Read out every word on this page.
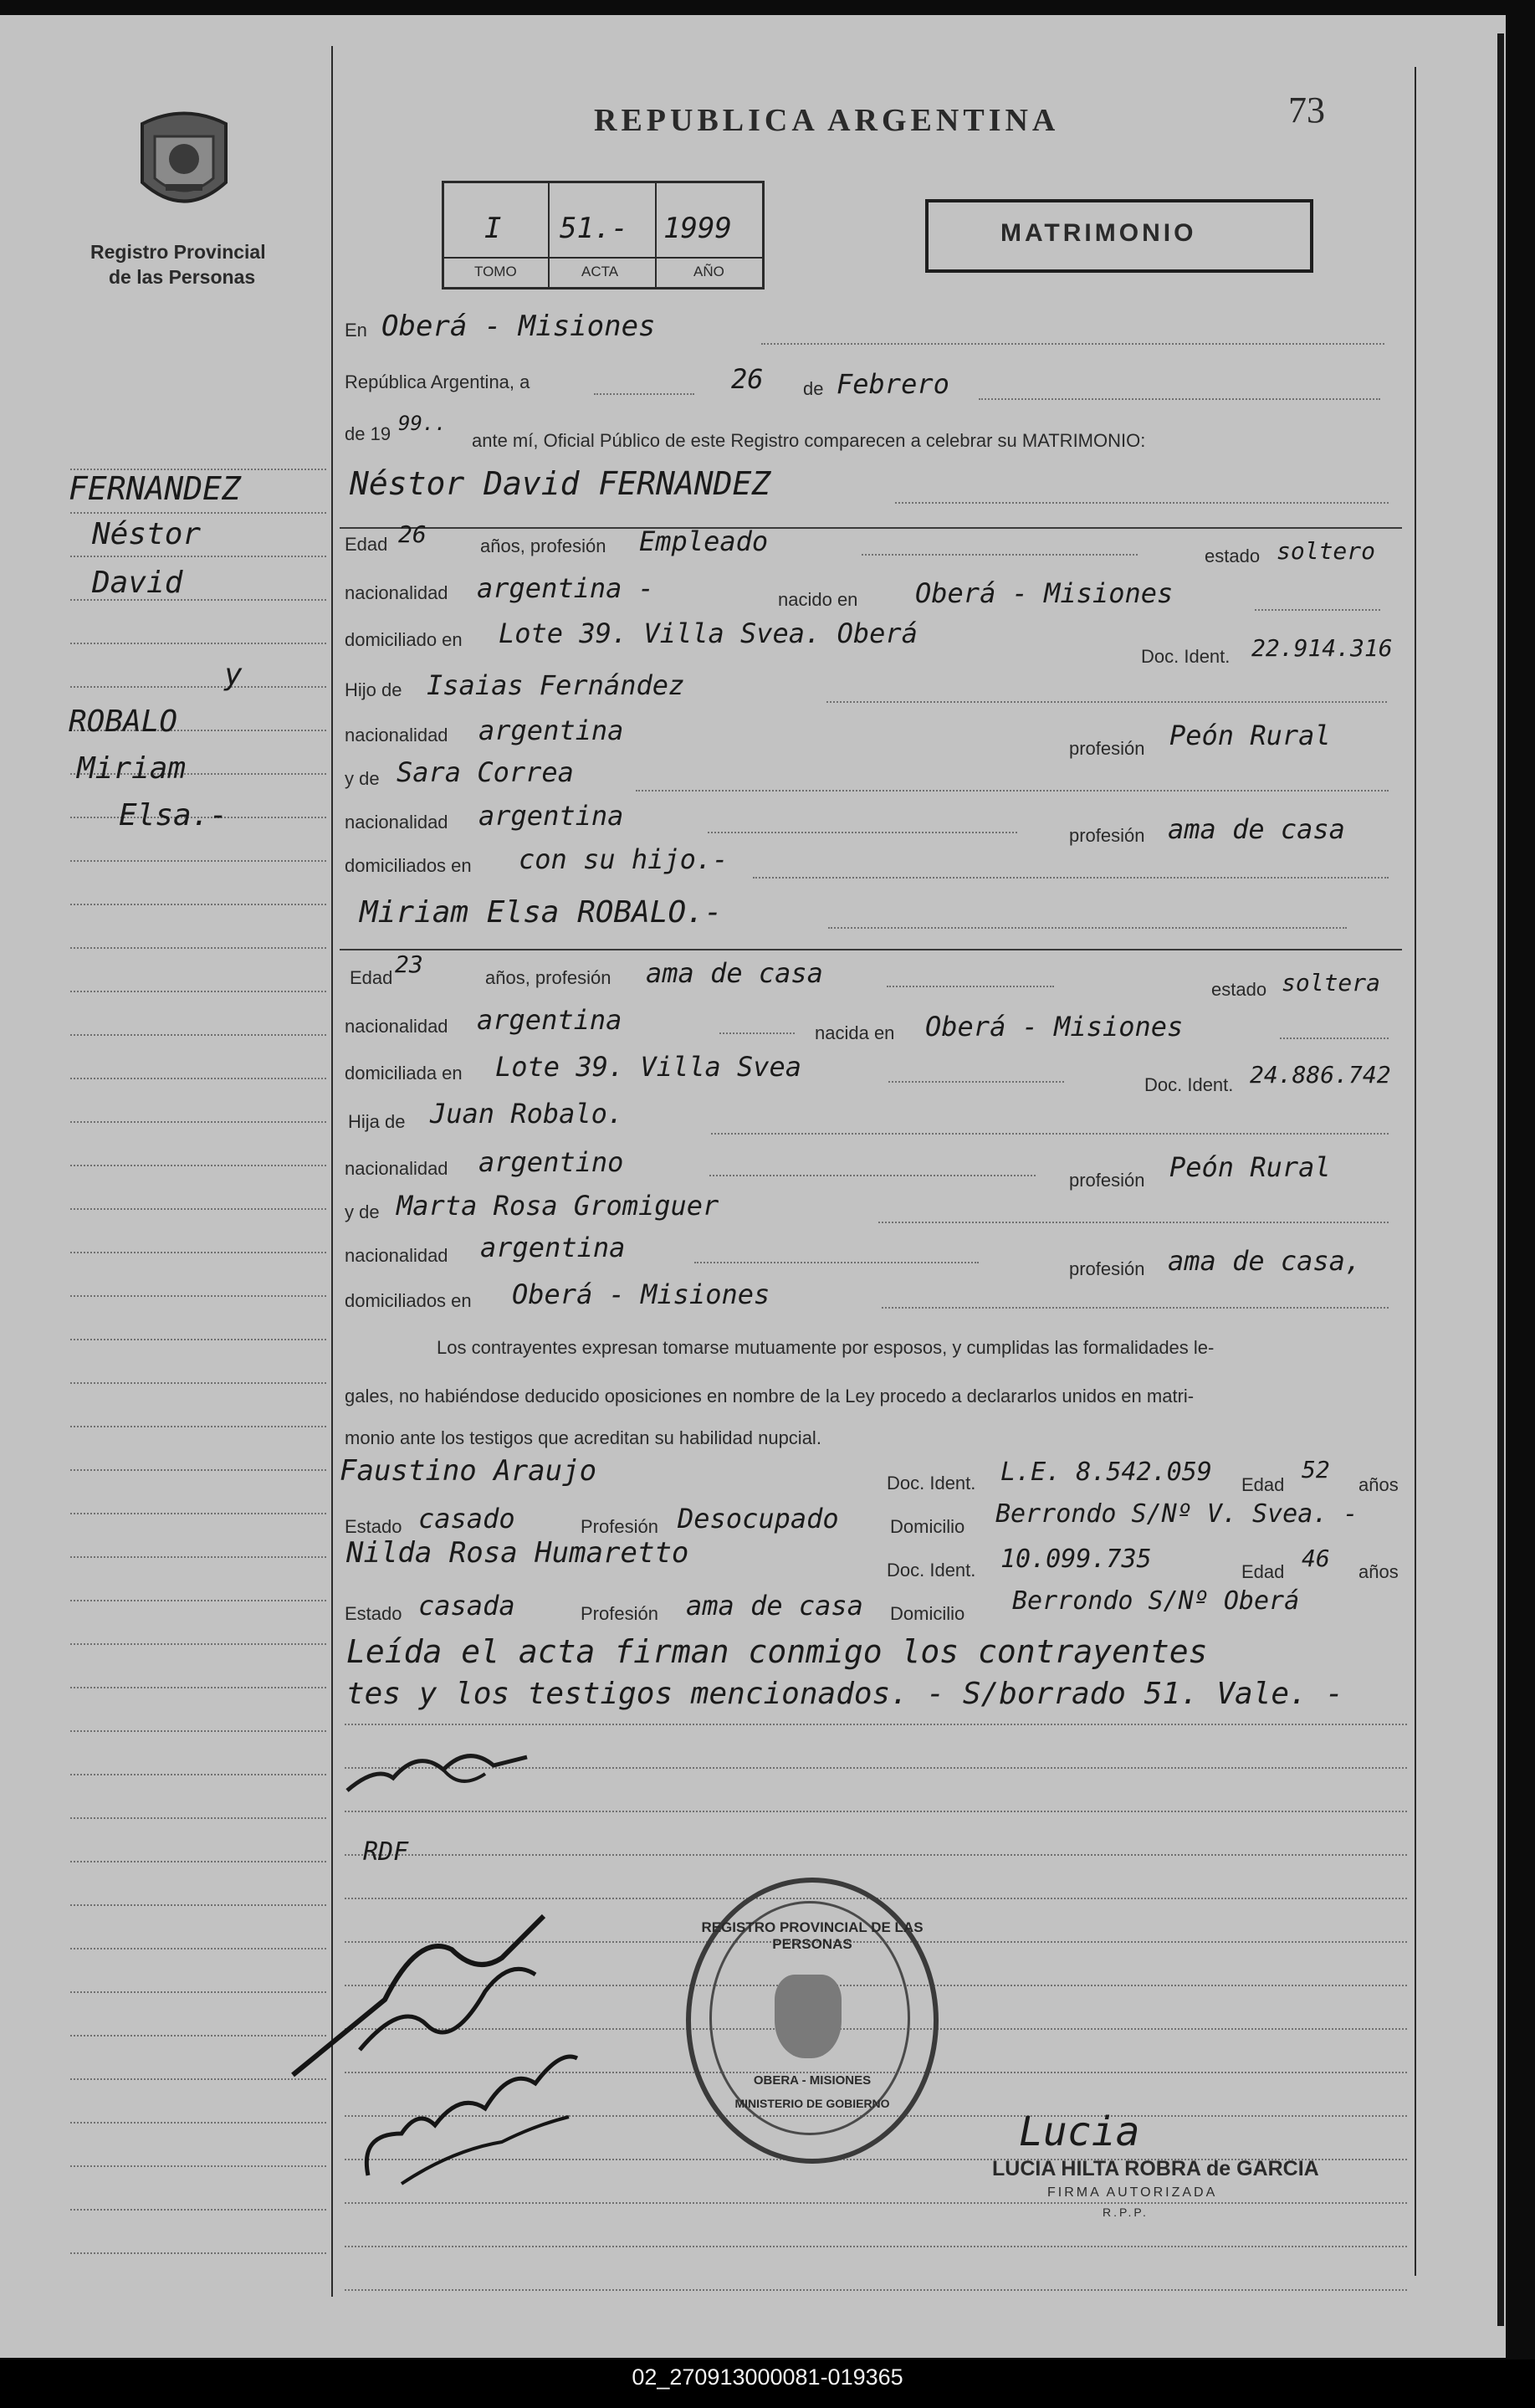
Registro Provincial
de las Personas
REPUBLICA ARGENTINA	73
I
TOMO
51.-
ACTA
1999
AÑO
MATRIMONIO
FERNANDEZ
Néstor
David
y
ROBALO
Miriam
Elsa.-
En Oberá - Misiones
República Argentina, a	26 de Febrero
de 19 99..
ante mí, Oficial Público de este Registro comparecen a celebrar su MATRIMONIO:
Néstor David FERNANDEZ
Edad 26	años, profesión Empleado	estado soltero
nacionalidad argentina -	nacido en Oberá - Misiones
domiciliado en Lote 39. Villa Svea. Oberá
Doc. Ident. 22.914.316
Hijo de Isaias Fernández
nacionalidad argentina
profesión Peón Rural
y de Sara Correa
nacionalidad argentina
profesión ama de casa
domiciliados en con su hijo.-
Miriam Elsa ROBALO.-
Edad 23	años, profesión ama de casa
estado soltera
nacionalidad argentina	nacida en Oberá - Misiones
domiciliada en Lote 39. Villa Svea
Doc. Ident. 24.886.742
Hija de Juan Robalo.
nacionalidad argentino
profesión Peón Rural
y de Marta Rosa Gromiguer
nacionalidad argentina
profesión ama de casa,
domiciliados en Oberá - Misiones
Los contrayentes expresan tomarse mutuamente por esposos, y cumplidas las formalidades le-
gales, no habiéndose deducido oposiciones en nombre de la Ley procedo a declararlos unidos en matri-
monio ante los testigos que acreditan su habilidad nupcial.
Faustino Araujo	Doc. Ident. L.E. 8.542.059 Edad
52
años
Estado casado	Profesión Desocupado	Domicilio Berrondo S/Nº V. Svea. -
Nilda Rosa Humaretto
Doc. Ident. 10.099.735	Edad 46 años
Estado casada	Profesión ama de casa Domicilio Berrondo S/Nº Oberá
Leída el acta firman conmigo los contrayentes
tes y los testigos mencionados. - S/borrado 51. Vale. -
RDF
REGISTRO PROVINCIAL DE LAS PERSONAS
OBERA - MISIONES
MINISTERIO DE GOBIERNO
Lucia
LUCIA HILTA ROBRA de GARCIA
FIRMA AUTORIZADA
R.P.P.
02_270913000081-019365
